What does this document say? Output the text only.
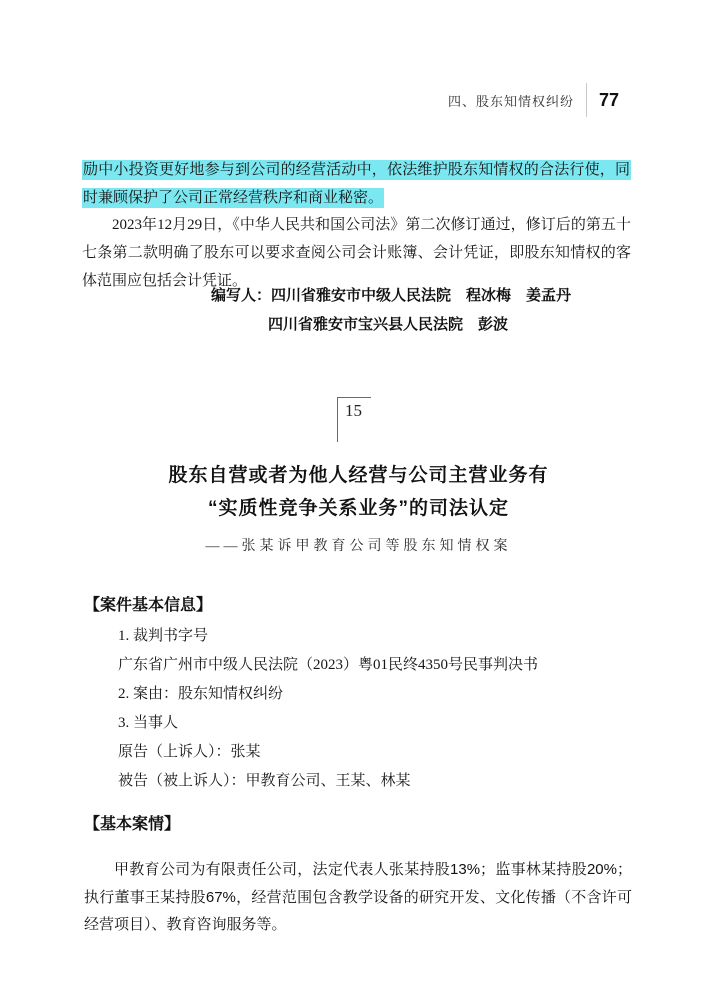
四、股东知情权纠纷 77

励中小投资更好地参与到公司的经营活动中，依法维护股东知情权的合法行使，同时兼顾保护了公司正常经营秩序和商业秘密。

2023年12月29日，《中华人民共和国公司法》第二次修订通过，修订后的第五十七条第二款明确了股东可以要求查阅公司会计账簿、会计凭证，即股东知情权的客体范围应包括会计凭证。

编写人：四川省雅安市中级人民法院　程冰梅　姜孟丹
四川省雅安市宝兴县人民法院　彭波
15
股东自营或者为他人经营与公司主营业务有
“实质性竞争关系业务”的司法认定
——张某诉甲教育公司等股东知情权案
【案件基本信息】
1. 裁判书字号
广东省广州市中级人民法院（2023）粤01民终4350号民事判决书
2. 案由：股东知情权纠纷
3. 当事人
原告（上诉人）：张某
被告（被上诉人）：甲教育公司、王某、林某
【基本案情】

甲教育公司为有限责任公司，法定代表人张某持股13%；监事林某持股20%；执行董事王某持股67%，经营范围包含教学设备的研究开发、文化传播（不含许可经营项目）、教育咨询服务等。
